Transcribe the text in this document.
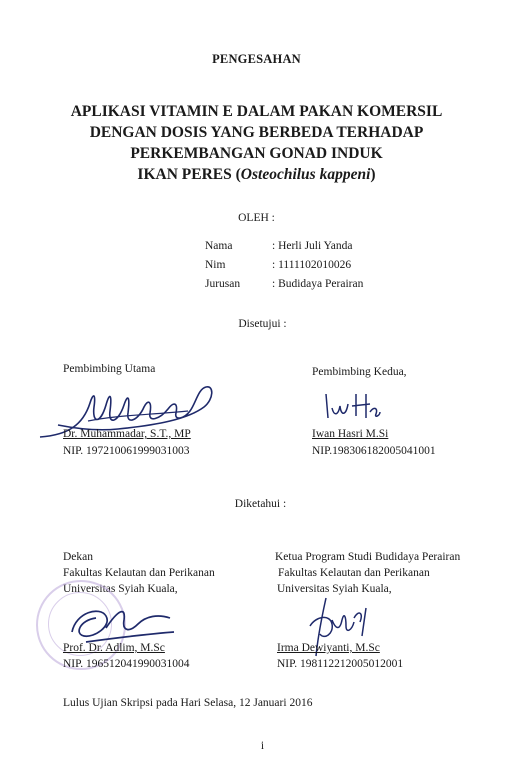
PENGESAHAN
APLIKASI VITAMIN E DALAM PAKAN KOMERSIL
DENGAN DOSIS YANG BERBEDA TERHADAP
PERKEMBANGAN GONAD INDUK
IKAN PERES (Osteochilus kappeni)
OLEH :
Nama	: Herli Juli Yanda
Nim	: 1111102010026
Jurusan	: Budidaya Perairan
Disetujui :
Pembimbing Utama
Dr. Muhammadar, S.T., MP
NIP. 197210061999031003
Pembimbing Kedua,
Iwan Hasri M.Si
NIP.198306182005041001
Diketahui :
Dekan
Fakultas Kelautan dan Perikanan
Universitas Syiah Kuala,
Prof. Dr. Adlim, M.Sc
NIP. 196512041990031004
Ketua Program Studi Budidaya Perairan
Fakultas Kelautan dan Perikanan
Universitas Syiah Kuala,
Irma Dewiyanti, M.Sc
NIP. 198112212005012001
Lulus Ujian Skripsi pada Hari Selasa, 12 Januari 2016
i
